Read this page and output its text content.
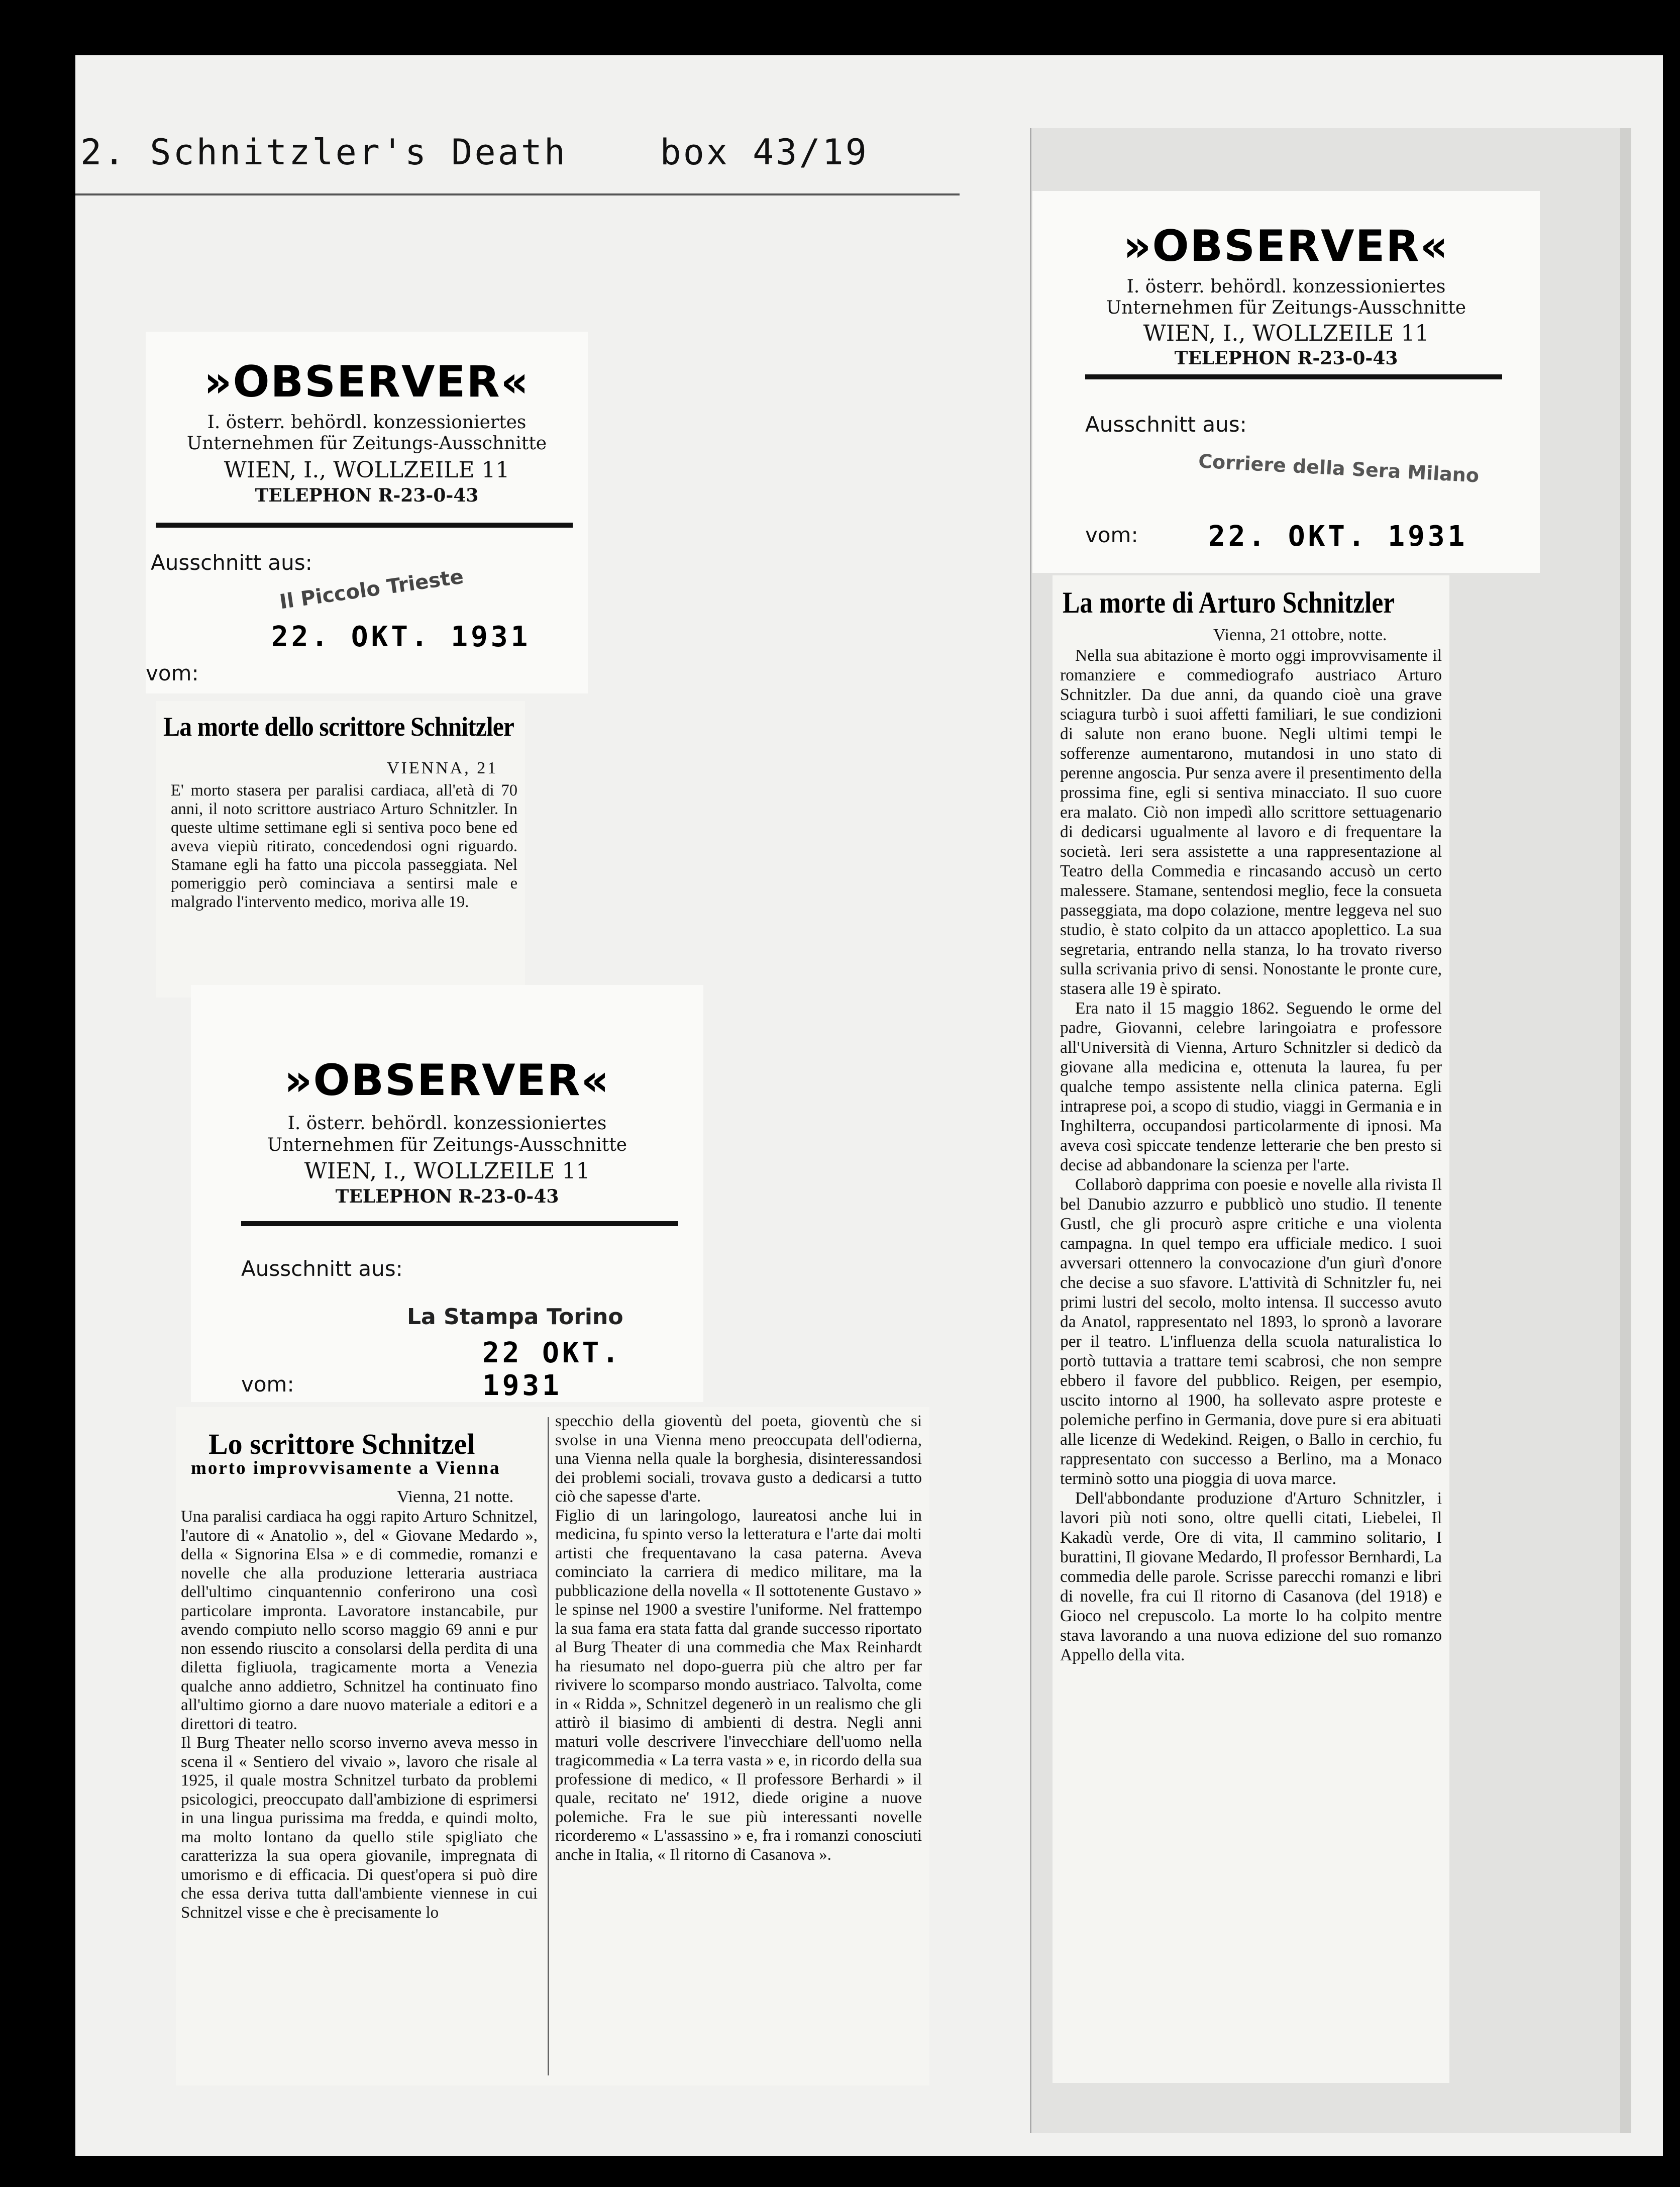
2. Schnitzler's Death    box 43/19
»OBSERVER«
I. österr. behördl. konzessioniertes
Unternehmen für Zeitungs-Ausschnitte
WIEN, I., WOLLZEILE 11
TELEPHON R-23-0-43
Ausschnitt aus:
Il Piccolo Trieste
22. OKT. 1931
vom:
La morte dello scrittore Schnitzler
VIENNA, 21
E' morto stasera per paralisi cardiaca, all'età di 70 anni, il noto scrittore austriaco Arturo Schnitzler. In queste ultime settimane egli si sentiva poco bene ed aveva viepiù ritirato, concedendosi ogni riguardo. Stamane egli ha fatto una piccola passeggiata. Nel pomeriggio però cominciava a sentirsi male e malgrado l'intervento medico, moriva alle 19.
»OBSERVER«
I. österr. behördl. konzessioniertes
Unternehmen für Zeitungs-Ausschnitte
WIEN, I., WOLLZEILE 11
TELEPHON R-23-0-43
Ausschnitt aus:
La Stampa Torino
22 OKT. 1931
vom:
Lo scrittore Schnitzel
morto improvvisamente a Vienna
Vienna, 21 notte.

Una paralisi cardiaca ha oggi rapito Arturo Schnitzel, l'autore di « Anatolio », del « Giovane Medardo », della « Signorina Elsa » e di commedie, romanzi e novelle che alla produzione letteraria austriaca dell'ultimo cinquantennio conferirono una così particolare impronta. Lavoratore instancabile, pur avendo compiuto nello scorso maggio 69 anni e pur non essendo riuscito a consolarsi della perdita di una diletta figliuola, tragicamente morta a Venezia qualche anno addietro, Schnitzel ha continuato fino all'ultimo giorno a dare nuovo materiale a editori e a direttori di teatro.

Il Burg Theater nello scorso inverno aveva messo in scena il « Sentiero del vivaio », lavoro che risale al 1925, il quale mostra Schnitzel turbato da problemi psicologici, preoccupato dall'ambizione di esprimersi in una lingua purissima ma fredda, e quindi molto, ma molto lontano da quello stile spigliato che caratterizza la sua opera giovanile, impregnata di umorismo e di efficacia. Di quest'opera si può dire che essa deriva tutta dall'ambiente viennese in cui Schnitzel visse e che è precisamente lo

specchio della gioventù del poeta, gioventù che si svolse in una Vienna meno preoccupata dell'odierna, una Vienna nella quale la borghesia, disinteressandosi dei problemi sociali, trovava gusto a dedicarsi a tutto ciò che sapesse d'arte.

Figlio di un laringologo, laureatosi anche lui in medicina, fu spinto verso la letteratura e l'arte dai molti artisti che frequentavano la casa paterna. Aveva cominciato la carriera di medico militare, ma la pubblicazione della novella « Il sottotenente Gustavo » le spinse nel 1900 a svestire l'uniforme. Nel frattempo la sua fama era stata fatta dal grande successo riportato al Burg Theater di una commedia che Max Reinhardt ha riesumato nel dopo-guerra più che altro per far rivivere lo scomparso mondo austriaco. Talvolta, come in « Ridda », Schnitzel degenerò in un realismo che gli attirò il biasimo di ambienti di destra. Negli anni maturi volle descrivere l'invecchiare dell'uomo nella tragicommedia « La terra vasta » e, in ricordo della sua professione di medico, « Il professore Berhardi » il quale, recitato ne' 1912, diede origine a nuove polemiche. Fra le sue più interessanti novelle ricorderemo « L'assassino » e, fra i romanzi conosciuti anche in Italia, « Il ritorno di Casanova ».

»OBSERVER«
I. österr. behördl. konzessioniertes
Unternehmen für Zeitungs-Ausschnitte
WIEN, I., WOLLZEILE 11
TELEPHON R-23-0-43
Ausschnitt aus:
Corriere della Sera Milano
vom: 22. OKT. 1931
La morte di Arturo Schnitzler
Vienna, 21 ottobre, notte.

Nella sua abitazione è morto oggi improvvisamente il romanziere e commediografo austriaco Arturo Schnitzler. Da due anni, da quando cioè una grave sciagura turbò i suoi affetti familiari, le sue condizioni di salute non erano buone. Negli ultimi tempi le sofferenze aumentarono, mutandosi in uno stato di perenne angoscia. Pur senza avere il presentimento della prossima fine, egli si sentiva minacciato. Il suo cuore era malato. Ciò non impedì allo scrittore settuagenario di dedicarsi ugualmente al lavoro e di frequentare la società. Ieri sera assistette a una rappresentazione al Teatro della Commedia e rincasando accusò un certo malessere. Stamane, sentendosi meglio, fece la consueta passeggiata, ma dopo colazione, mentre leggeva nel suo studio, è stato colpito da un attacco apoplettico. La sua segretaria, entrando nella stanza, lo ha trovato riverso sulla scrivania privo di sensi. Nonostante le pronte cure, stasera alle 19 è spirato.

Era nato il 15 maggio 1862. Seguendo le orme del padre, Giovanni, celebre laringoiatra e professore all'Università di Vienna, Arturo Schnitzler si dedicò da giovane alla medicina e, ottenuta la laurea, fu per qualche tempo assistente nella clinica paterna. Egli intraprese poi, a scopo di studio, viaggi in Germania e in Inghilterra, occupandosi particolarmente di ipnosi. Ma aveva così spiccate tendenze letterarie che ben presto si decise ad abbandonare la scienza per l'arte.

Collaborò dapprima con poesie e novelle alla rivista Il bel Danubio azzurro e pubblicò uno studio. Il tenente Gustl, che gli procurò aspre critiche e una violenta campagna. In quel tempo era ufficiale medico. I suoi avversari ottennero la convocazione d'un giurì d'onore che decise a suo sfavore. L'attività di Schnitzler fu, nei primi lustri del secolo, molto intensa. Il successo avuto da Anatol, rappresentato nel 1893, lo spronò a lavorare per il teatro. L'influenza della scuola naturalistica lo portò tuttavia a trattare temi scabrosi, che non sempre ebbero il favore del pubblico. Reigen, per esempio, uscito intorno al 1900, ha sollevato aspre proteste e polemiche perfino in Germania, dove pure si era abituati alle licenze di Wedekind. Reigen, o Ballo in cerchio, fu rappresentato con successo a Berlino, ma a Monaco terminò sotto una pioggia di uova marce.

Dell'abbondante produzione d'Arturo Schnitzler, i lavori più noti sono, oltre quelli citati, Liebelei, Il Kakadù verde, Ore di vita, Il cammino solitario, I burattini, Il giovane Medardo, Il professor Bernhardi, La commedia delle parole. Scrisse parecchi romanzi e libri di novelle, fra cui Il ritorno di Casanova (del 1918) e Gioco nel crepuscolo. La morte lo ha colpito mentre stava lavorando a una nuova edizione del suo romanzo Appello della vita.
